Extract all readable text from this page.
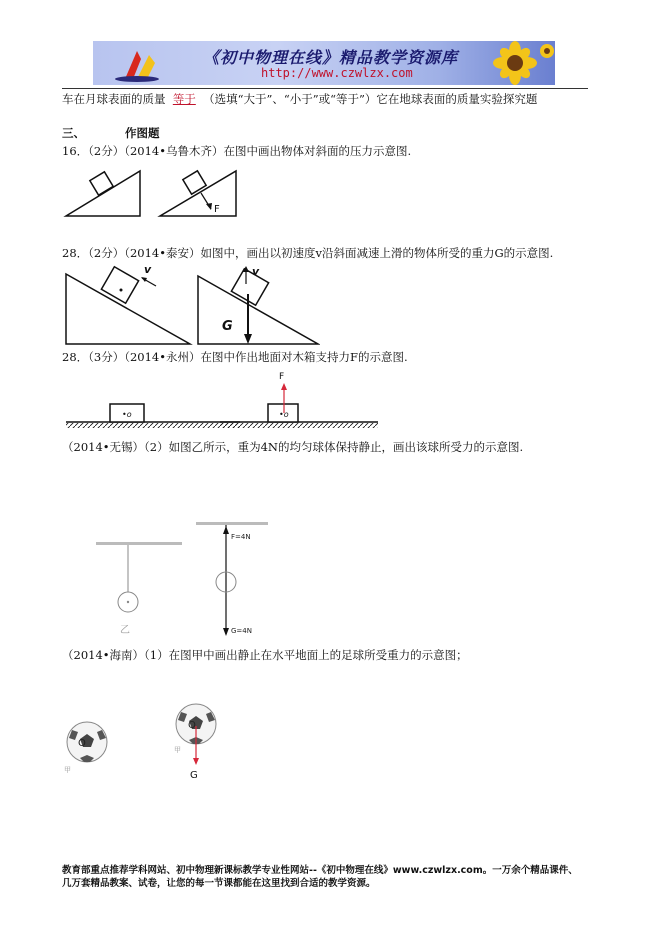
《初中物理在线》精品教学资源库
http://www.czwlzx.com
车在月球表面的质量 等于 （选填“大于”、“小于”或“等于”）它在地球表面的质量实验探究题
三、	作图题
16．（2分）（2014•乌鲁木齐）在图中画出物体对斜面的压力示意图.
F
28．（2分）（2014•泰安）如图中，画出以初速度v沿斜面减速上滑的物体所受的重力G的示意图.
v
G
v
28．（3分）（2014•永州）在图中作出地面对木箱支持力F的示意图.
•o	•o
F
（2014•无锡）（2）如图乙所示，重为4N的均匀球体保持静止，画出该球所受力的示意图.
乙
F=4N
G=4N
（2014•海南）（1）在图甲中画出静止在水平地面上的足球所受重力的示意图；
O
甲
O
G
甲
教育部重点推荐学科网站、初中物理新课标教学专业性网站--《初中物理在线》www.czwlzx.com。一万余个精品课件、
几万套精品教案、试卷，让您的每一节课都能在这里找到合适的教学资源。
